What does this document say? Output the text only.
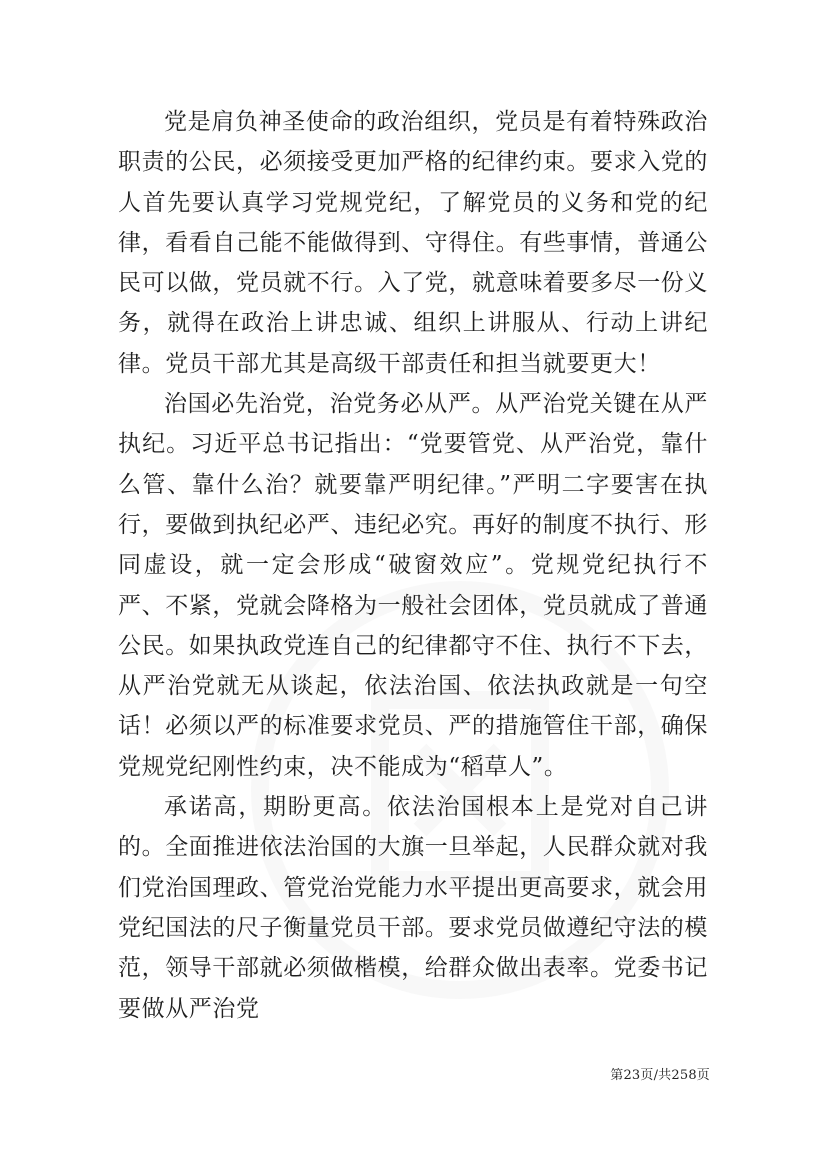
党是肩负神圣使命的政治组织，党员是有着特殊政治职责的公民，必须接受更加严格的纪律约束。要求入党的人首先要认真学习党规党纪，了解党员的义务和党的纪律，看看自己能不能做得到、守得住。有些事情，普通公民可以做，党员就不行。入了党，就意味着要多尽一份义务，就得在政治上讲忠诚、组织上讲服从、行动上讲纪律。党员干部尤其是高级干部责任和担当就要更大！

治国必先治党，治党务必从严。从严治党关键在从严执纪。习近平总书记指出：“党要管党、从严治党，靠什么管、靠什么治？就要靠严明纪律。”严明二字要害在执行，要做到执纪必严、违纪必究。再好的制度不执行、形同虚设，就一定会形成“破窗效应”。党规党纪执行不严、不紧，党就会降格为一般社会团体，党员就成了普通公民。如果执政党连自己的纪律都守不住、执行不下去，从严治党就无从谈起，依法治国、依法执政就是一句空话！必须以严的标准要求党员、严的措施管住干部，确保党规党纪刚性约束，决不能成为“稻草人”。

承诺高，期盼更高。依法治国根本上是党对自己讲的。全面推进依法治国的大旗一旦举起，人民群众就对我们党治国理政、管党治党能力水平提出更高要求，就会用党纪国法的尺子衡量党员干部。要求党员做遵纪守法的模范，领导干部就必须做楷模，给群众做出表率。党委书记要做从严治党

第23页/共258页
